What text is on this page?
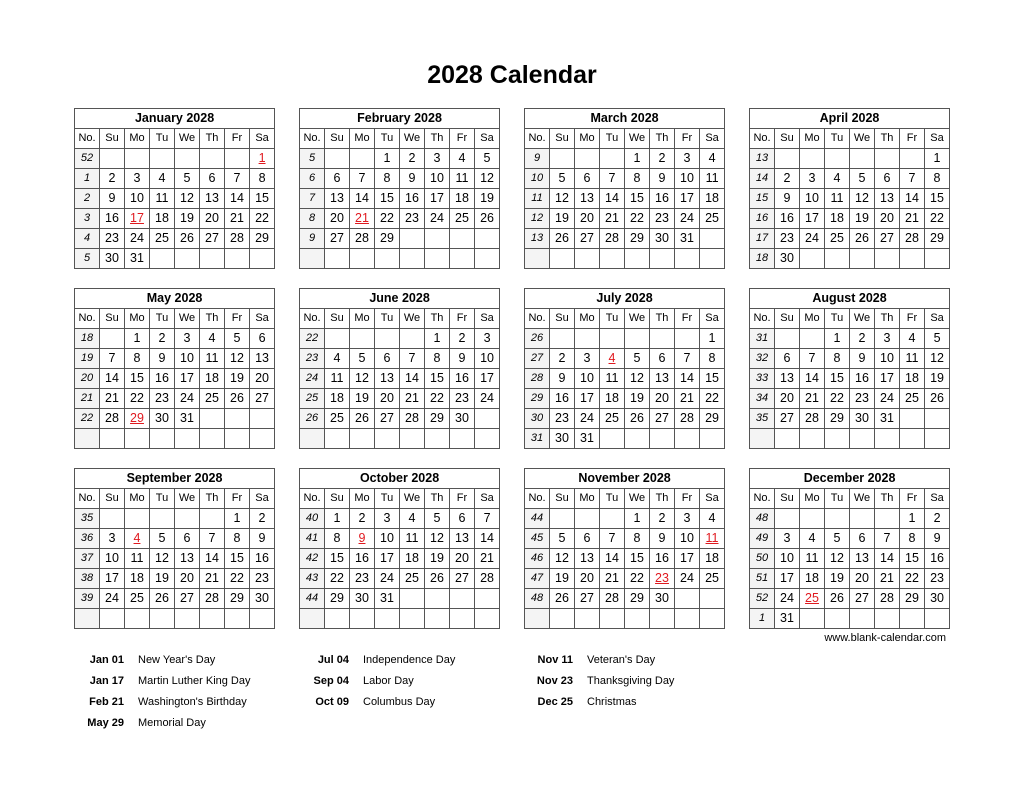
2028 Calendar
January 2028							
No.	Su	Mo	Tu	We	Th	Fr	Sa
52							1
1	2	3	4	5	6	7	8
2	9	10	11	12	13	14	15
3	16	17	18	19	20	21	22
4	23	24	25	26	27	28	29
5	30	31					
February 2028							
No.	Su	Mo	Tu	We	Th	Fr	Sa
5			1	2	3	4	5
6	6	7	8	9	10	11	12
7	13	14	15	16	17	18	19
8	20	21	22	23	24	25	26
9	27	28	29				

March 2028							
No.	Su	Mo	Tu	We	Th	Fr	Sa
9				1	2	3	4
10	5	6	7	8	9	10	11
11	12	13	14	15	16	17	18
12	19	20	21	22	23	24	25
13	26	27	28	29	30	31	

April 2028							
No.	Su	Mo	Tu	We	Th	Fr	Sa
13							1
14	2	3	4	5	6	7	8
15	9	10	11	12	13	14	15
16	16	17	18	19	20	21	22
17	23	24	25	26	27	28	29
18	30						
May 2028							
No.	Su	Mo	Tu	We	Th	Fr	Sa
18		1	2	3	4	5	6
19	7	8	9	10	11	12	13
20	14	15	16	17	18	19	20
21	21	22	23	24	25	26	27
22	28	29	30	31			

June 2028							
No.	Su	Mo	Tu	We	Th	Fr	Sa
22					1	2	3
23	4	5	6	7	8	9	10
24	11	12	13	14	15	16	17
25	18	19	20	21	22	23	24
26	25	26	27	28	29	30	

July 2028							
No.	Su	Mo	Tu	We	Th	Fr	Sa
26							1
27	2	3	4	5	6	7	8
28	9	10	11	12	13	14	15
29	16	17	18	19	20	21	22
30	23	24	25	26	27	28	29
31	30	31					
August 2028							
No.	Su	Mo	Tu	We	Th	Fr	Sa
31			1	2	3	4	5
32	6	7	8	9	10	11	12
33	13	14	15	16	17	18	19
34	20	21	22	23	24	25	26
35	27	28	29	30	31		

September 2028							
No.	Su	Mo	Tu	We	Th	Fr	Sa
35						1	2
36	3	4	5	6	7	8	9
37	10	11	12	13	14	15	16
38	17	18	19	20	21	22	23
39	24	25	26	27	28	29	30

October 2028							
No.	Su	Mo	Tu	We	Th	Fr	Sa
40	1	2	3	4	5	6	7
41	8	9	10	11	12	13	14
42	15	16	17	18	19	20	21
43	22	23	24	25	26	27	28
44	29	30	31				

November 2028							
No.	Su	Mo	Tu	We	Th	Fr	Sa
44				1	2	3	4
45	5	6	7	8	9	10	11
46	12	13	14	15	16	17	18
47	19	20	21	22	23	24	25
48	26	27	28	29	30		

December 2028							
No.	Su	Mo	Tu	We	Th	Fr	Sa
48						1	2
49	3	4	5	6	7	8	9
50	10	11	12	13	14	15	16
51	17	18	19	20	21	22	23
52	24	25	26	27	28	29	30
1	31						
www.blank-calendar.com
Jan 01 New Year's Day
Jan 17 Martin Luther King Day
Feb 21 Washington's Birthday
May 29 Memorial Day
Jul 04 Independence Day
Sep 04 Labor Day
Oct 09 Columbus Day
Nov 11 Veteran's Day
Nov 23 Thanksgiving Day
Dec 25 Christmas
